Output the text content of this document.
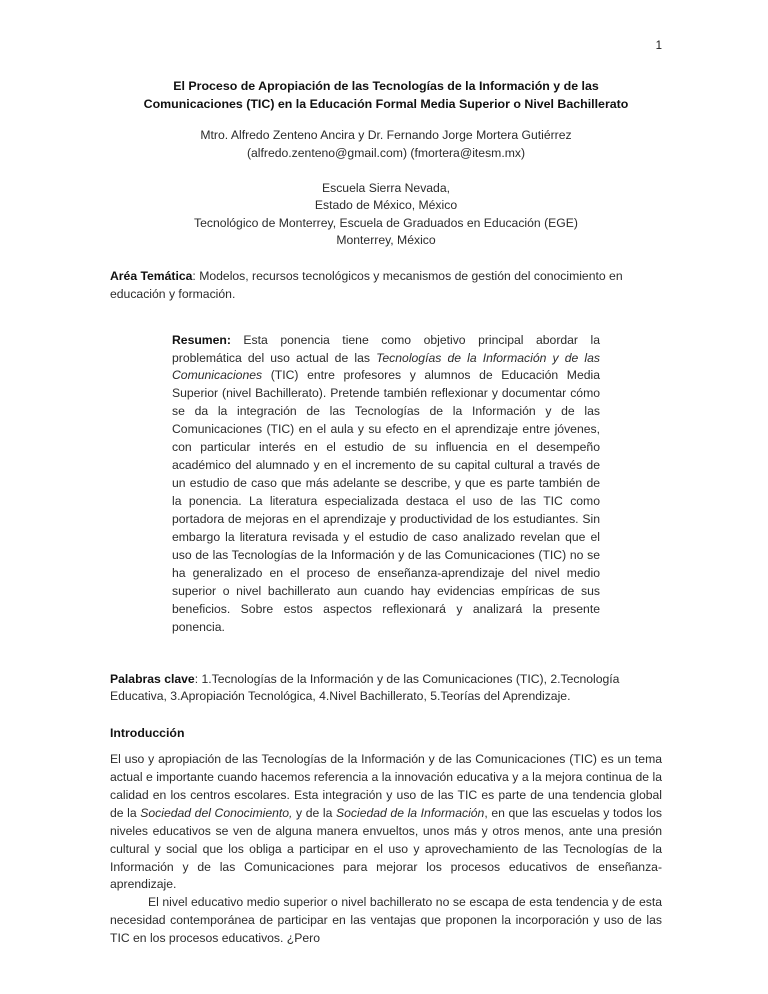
1
El Proceso de Apropiación de las Tecnologías de la Información y de las Comunicaciones (TIC) en la Educación Formal Media Superior o Nivel Bachillerato
Mtro. Alfredo Zenteno Ancira y Dr. Fernando Jorge Mortera Gutiérrez
(alfredo.zenteno@gmail.com) (fmortera@itesm.mx)
Escuela Sierra Nevada,
Estado de México, México
Tecnológico de Monterrey, Escuela de Graduados en Educación (EGE)
Monterrey, México

Aréa Temática: Modelos, recursos tecnológicos y mecanismos de gestión del conocimiento en educación y formación.

Resumen: Esta ponencia tiene como objetivo principal abordar la problemática del uso actual de las Tecnologías de la Información y de las Comunicaciones (TIC) entre profesores y alumnos de Educación Media Superior (nivel Bachillerato). Pretende también reflexionar y documentar cómo se da la integración de las Tecnologías de la Información y de las Comunicaciones (TIC) en el aula y su efecto en el aprendizaje entre jóvenes, con particular interés en el estudio de su influencia en el desempeño académico del alumnado y en el incremento de su capital cultural a través de un estudio de caso que más adelante se describe, y que es parte también de la ponencia. La literatura especializada destaca el uso de las TIC como portadora de mejoras en el aprendizaje y productividad de los estudiantes. Sin embargo la literatura revisada y el estudio de caso analizado revelan que el uso de las Tecnologías de la Información y de las Comunicaciones (TIC) no se ha generalizado en el proceso de enseñanza-aprendizaje del nivel medio superior o nivel bachillerato aun cuando hay evidencias empíricas de sus beneficios. Sobre estos aspectos reflexionará y analizará la presente ponencia.

Palabras clave: 1.Tecnologías de la Información y de las Comunicaciones (TIC), 2.Tecnología Educativa, 3.Apropiación Tecnológica, 4.Nivel Bachillerato, 5.Teorías del Aprendizaje.

Introducción

El uso y apropiación de las Tecnologías de la Información y de las Comunicaciones (TIC) es un tema actual e importante cuando hacemos referencia a la innovación educativa y a la mejora continua de la calidad en los centros escolares. Esta integración y uso de las TIC es parte de una tendencia global de la Sociedad del Conocimiento, y de la Sociedad de la Información, en que las escuelas y todos los niveles educativos se ven de alguna manera envueltos, unos más y otros menos, ante una presión cultural y social que los obliga a participar en el uso y aprovechamiento de las Tecnologías de la Información y de las Comunicaciones para mejorar los procesos educativos de enseñanza-aprendizaje.

El nivel educativo medio superior o nivel bachillerato no se escapa de esta tendencia y de esta necesidad contemporánea de participar en las ventajas que proponen la incorporación y uso de las TIC en los procesos educativos. ¿Pero
